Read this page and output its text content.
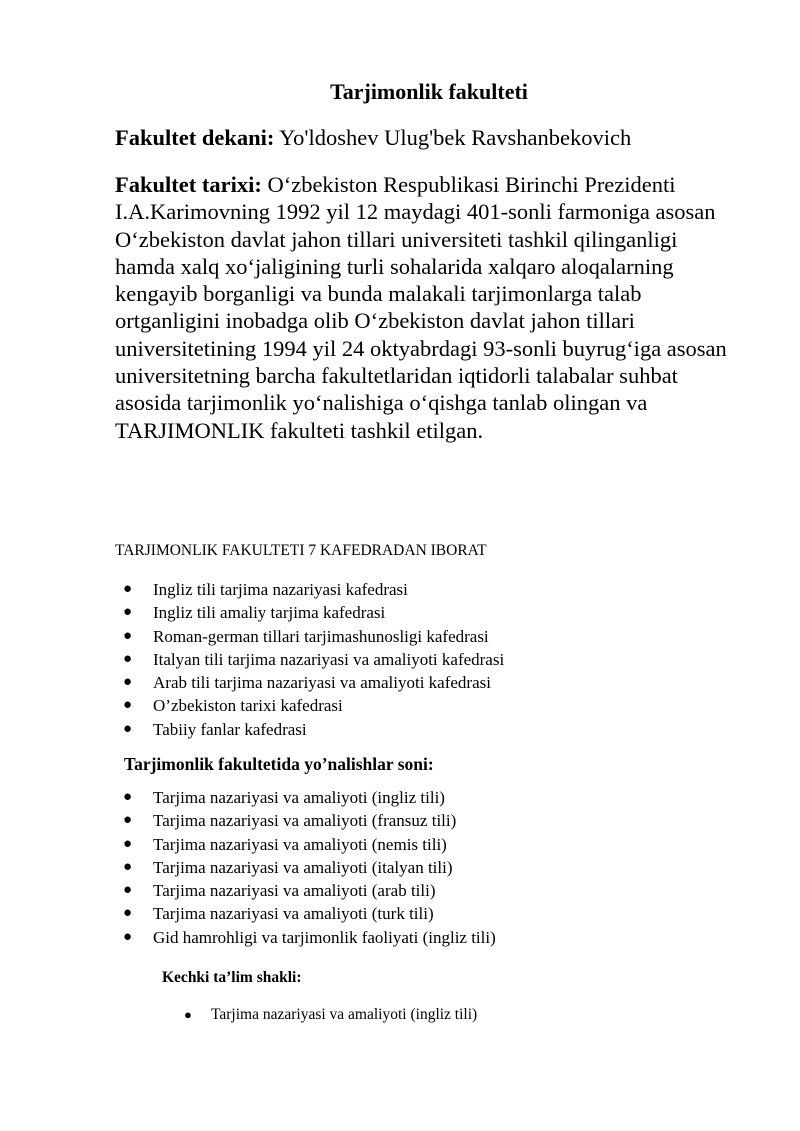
Tarjimonlik fakulteti

Fakultet dekani: Yo'ldoshev Ulug'bek Ravshanbekovich

Fakultet tarixi: O‘zbekiston Respublikasi Birinchi Prezidenti I.A.Karimovning 1992 yil 12 maydagi 401-sonli farmoniga asosan O‘zbekiston davlat jahon tillari universiteti tashkil qilinganligi hamda xalq xo‘jaligining turli sohalarida xalqaro aloqalarning kengayib borganligi va bunda malakali tarjimonlarga talab ortganligini inobadga olib O‘zbekiston davlat jahon tillari universitetining 1994 yil 24 oktyabrdagi 93-sonli buyrug‘iga asosan universitetning barcha fakultetlaridan iqtidorli talabalar suhbat asosida tarjimonlik yo‘nalishiga o‘qishga tanlab olingan va TARJIMONLIK fakulteti tashkil etilgan.

TARJIMONLIK FAKULTETI 7 KAFEDRADAN IBORAT

● Ingliz tili tarjima nazariyasi kafedrasi
● Ingliz tili amaliy tarjima kafedrasi
● Roman-german tillari tarjimashunosligi kafedrasi
● Italyan tili tarjima nazariyasi va amaliyoti kafedrasi
● Arab tili tarjima nazariyasi va amaliyoti kafedrasi
● O’zbekiston tarixi kafedrasi
● Tabiiy fanlar kafedrasi

Tarjimonlik fakultetida yo’nalishlar soni:

● Tarjima nazariyasi va amaliyoti (ingliz tili)
● Tarjima nazariyasi va amaliyoti (fransuz tili)
● Tarjima nazariyasi va amaliyoti (nemis tili)
● Tarjima nazariyasi va amaliyoti (italyan tili)
● Tarjima nazariyasi va amaliyoti (arab tili)
● Tarjima nazariyasi va amaliyoti (turk tili)
● Gid hamrohligi va tarjimonlik faoliyati (ingliz tili)

Kechki ta’lim shakli:

● Tarjima nazariyasi va amaliyoti (ingliz tili)
